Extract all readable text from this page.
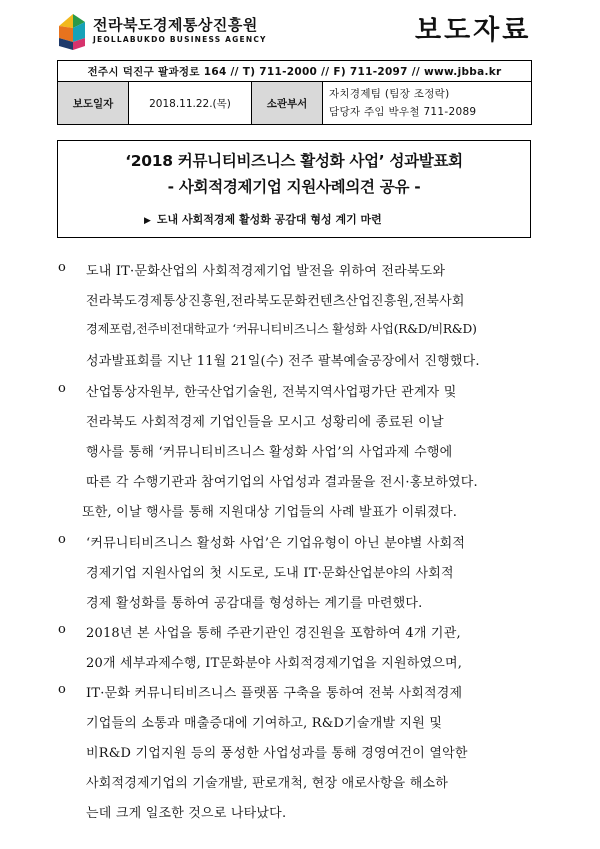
전라북도경제통상진흥원
JEOLLABUKDO BUSINESS AGENCY	보도자료
전주시 덕진구 팔과정로 164 // T) 711-2000 // F) 711-2097 // www.jbba.kr
보도일자	2018.11.22.(목)	소관부서	
자치경제팀 (팀장 조정락)
담당자 주임 박우철 711-2089
‘2018 커뮤니티비즈니스 활성화 사업’ 성과발표회
- 사회적경제기업 지원사례의견 공유 -
▶ 도내 사회적경제 활성화 공감대 형성 계기 마련
o 도내 IT·문화산업의 사회적경제기업 발전을 위하여 전라북도와
전라북도경제통상진흥원,전라북도문화컨텐츠산업진흥원,전북사회
경제포럼,전주비전대학교가 ‘커뮤니티비즈니스 활성화 사업(R&D/비R&D)
성과발표회를 지난 11월 21일(수) 전주 팔복예술공장에서 진행했다.
o 산업통상자원부, 한국산업기술원, 전북지역사업평가단 관계자 및
전라북도 사회적경제 기업인들을 모시고 성황리에 종료된 이날
행사를 통해 ‘커뮤니티비즈니스 활성화 사업’의 사업과제 수행에
따른 각 수행기관과 참여기업의 사업성과 결과물을 전시·홍보하였다.
또한, 이날 행사를 통해 지원대상 기업들의 사례 발표가 이뤄졌다.
o ‘커뮤니티비즈니스 활성화 사업’은 기업유형이 아닌 분야별 사회적
경제기업 지원사업의 첫 시도로, 도내 IT·문화산업분야의 사회적
경제 활성화를 통하여 공감대를 형성하는 계기를 마련했다.
o 2018년 본 사업을 통해 주관기관인 경진원을 포함하여 4개 기관,
20개 세부과제수행, IT문화분야 사회적경제기업을 지원하였으며,
o IT·문화 커뮤니티비즈니스 플랫폼 구축을 통하여 전북 사회적경제
기업들의 소통과 매출증대에 기여하고, R&D기술개발 지원 및
비R&D 기업지원 등의 풍성한 사업성과를 통해 경영여건이 열악한
사회적경제기업의 기술개발, 판로개척, 현장 애로사항을 해소하
는데 크게 일조한 것으로 나타났다.
